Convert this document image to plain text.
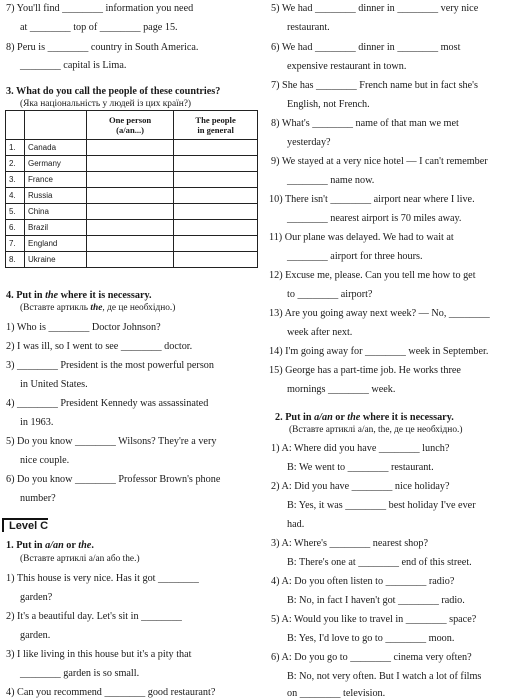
7) You'll find ________ information you need
at ________ top of ________ page 15.
8) Peru is ________ country in South America.
________ capital is Lima.
3. What do you call the people of these countries?
(Яка національність у людей із цих країн?)
		One person
(a/an...)	The people
in general
1.	Canada		
2.	Germany		
3.	France		
4.	Russia		
5.	China		
6.	Brazil		
7.	England		
8.	Ukraine		
4. Put in the where it is necessary.
(Вставте артикль the, де це необхідно.)
1) Who is ________ Doctor Johnson?
2) I was ill, so I went to see ________ doctor.
3) ________ President is the most powerful person
in United States.
4) ________ President Kennedy was assassinated
in 1963.
5) Do you know ________ Wilsons? They're a very
nice couple.
6) Do you know ________ Professor Brown's phone
number?
Level C
1. Put in a/an or the.
(Вставте артиклі a/an або the.)
1) This house is very nice. Has it got ________
garden?
2) It's a beautiful day. Let's sit in ________
garden.
3) I like living in this house but it's a pity that
________ garden is so small.
4) Can you recommend ________ good restaurant?
5) We had ________ dinner in ________ very nice
restaurant.
6) We had ________ dinner in ________ most
expensive restaurant in town.
7) She has ________ French name but in fact she's
English, not French.
8) What's ________ name of that man we met
yesterday?
9) We stayed at a very nice hotel — I can't remember
________ name now.
10) There isn't ________ airport near where I live.
________ nearest airport is 70 miles away.
11) Our plane was delayed. We had to wait at
________ airport for three hours.
12) Excuse me, please. Can you tell me how to get
to ________ airport?
13) Are you going away next week? — No, ________
week after next.
14) I'm going away for ________ week in September.
15) George has a part-time job. He works three
mornings ________ week.
2. Put in a/an or the where it is necessary.
(Вставте артиклі a/an, the, де це необхідно.)
1) A: Where did you have ________ lunch?
B: We went to ________ restaurant.
2) A: Did you have ________ nice holiday?
B: Yes, it was ________ best holiday I've ever
had.
3) A: Where's ________ nearest shop?
B: There's one at ________ end of this street.
4) A: Do you often listen to ________ radio?
B: No, in fact I haven't got ________ radio.
5) A: Would you like to travel in ________ space?
B: Yes, I'd love to go to ________ moon.
6) A: Do you go to ________ cinema very often?
B: No, not very often. But I watch a lot of films
on ________ television.
